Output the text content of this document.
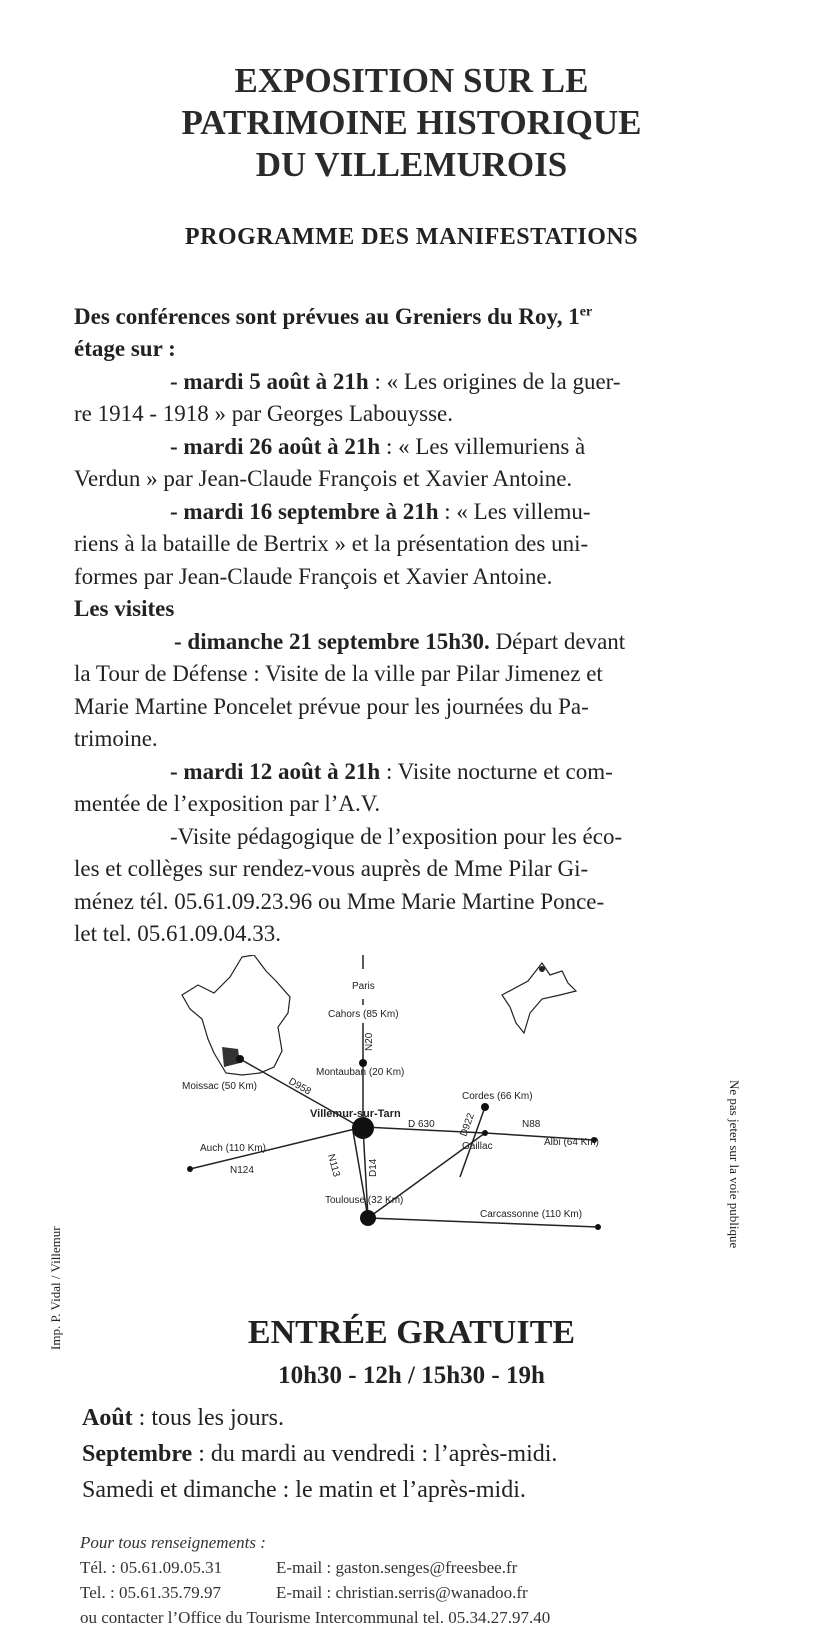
EXPOSITION SUR LE
PATRIMOINE HISTORIQUE
DU VILLEMUROIS
PROGRAMME DES MANIFESTATIONS

Des conférences sont prévues au Greniers du Roy, 1er

étage sur :

- mardi 5 août à 21h : « Les origines de la guer-

re 1914 - 1918 » par Georges Labouysse.

- mardi 26 août à 21h : « Les villemuriens à

Verdun » par Jean-Claude François et Xavier Antoine.

- mardi 16 septembre à 21h : « Les villemu-

riens à la bataille de Bertrix » et la présentation des uni-

formes par Jean-Claude François et Xavier Antoine.

Les visites

- dimanche 21 septembre 15h30. Départ devant

la Tour de Défense : Visite de la ville par Pilar Jimenez et

Marie Martine Poncelet prévue pour les journées du Pa-

trimoine.

- mardi 12 août à 21h : Visite nocturne et com-

mentée de l’exposition par l’A.V.

-Visite pédagogique de l’exposition pour les éco-

les et collèges sur rendez-vous auprès de Mme Pilar Gi-

ménez tél. 05.61.09.23.96 ou Mme Marie Martine Ponce-

let tel. 05.61.09.04.33.

Paris
Cahors (85 Km)
N20
Montauban (20 Km)
Moissac (50 Km)	D958	Cordes (66 Km)
D922
Villemur-sur-Tarn
D 630	N88
Auch (110 Km)	Gaillac	Albi (64 Km)
N124	N113	D14
Toulouse (32 Km)
Carcassonne (110 Km)
Imp. P. Vidal / Villemur
Ne pas jeter sur la voie publique
ENTRÉE GRATUITE
10h30 - 12h / 15h30 - 19h

Août : tous les jours.

Septembre : du mardi au vendredi : l’après-midi.

Samedi et dimanche : le matin et l’après-midi.

Pour tous renseignements :

Tél. : 05.61.09.05.31	E-mail : gaston.senges@freesbee.fr

Tel. : 05.61.35.79.97	E-mail : christian.serris@wanadoo.fr

ou contacter l’Office du Tourisme Intercommunal tel. 05.34.27.97.40
